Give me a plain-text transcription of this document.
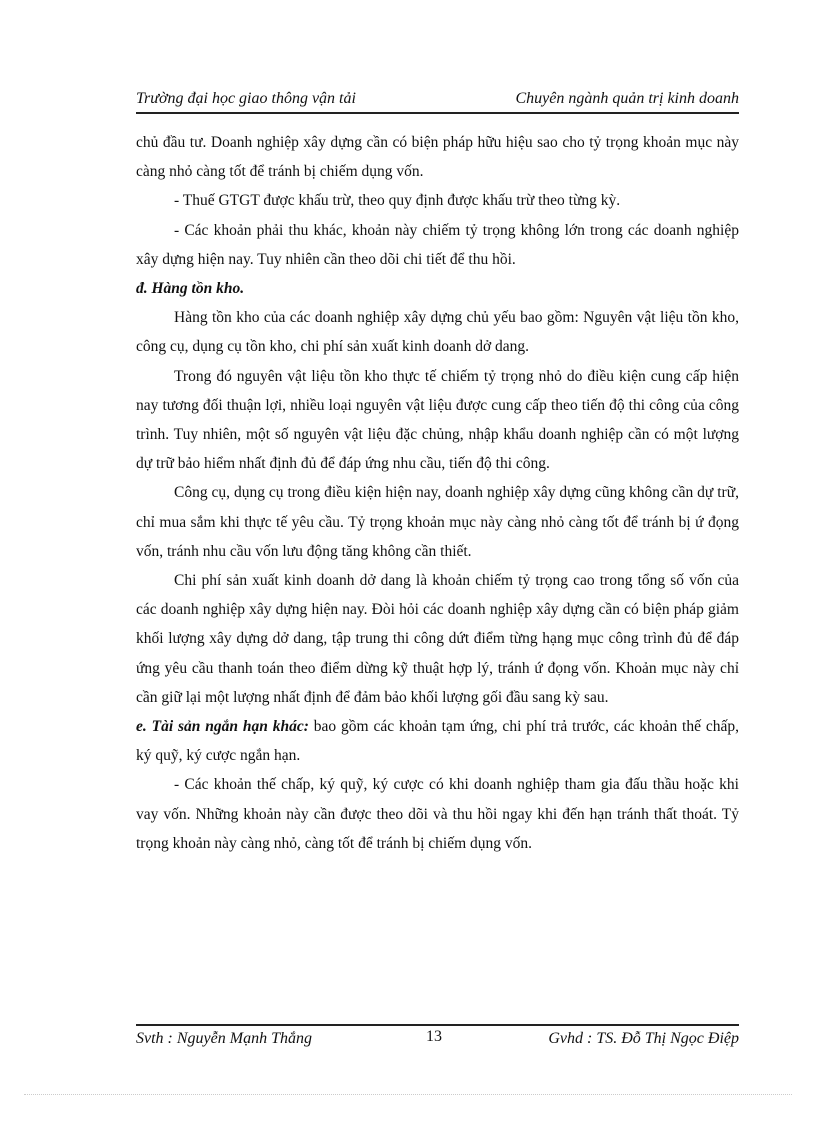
Trường đại học giao thông vận tải	Chuyên ngành quản trị kinh doanh

chủ đầu tư. Doanh nghiệp xây dựng cần có biện pháp hữu hiệu sao cho tỷ trọng khoản mục này càng nhỏ càng tốt để tránh bị chiếm dụng vốn.

- Thuế GTGT được khấu trừ, theo quy định được khấu trừ theo từng kỳ.

- Các khoản phải thu khác, khoản này chiếm tỷ trọng không lớn trong các doanh nghiệp xây dựng hiện nay. Tuy nhiên cần theo dõi chi tiết để thu hồi.

đ. Hàng tồn kho.

Hàng tồn kho của các doanh nghiệp xây dựng chủ yếu bao gồm: Nguyên vật liệu tồn kho, công cụ, dụng cụ tồn kho, chi phí sản xuất kinh doanh dở dang.

Trong đó nguyên vật liệu tồn kho thực tế chiếm tỷ trọng nhỏ do điều kiện cung cấp hiện nay tương đối thuận lợi, nhiều loại nguyên vật liệu được cung cấp theo tiến độ thi công của công trình. Tuy nhiên, một số nguyên vật liệu đặc chủng, nhập khẩu doanh nghiệp cần có một lượng dự trữ bảo hiểm nhất định đủ để đáp ứng nhu cầu, tiến độ thi công.

Công cụ, dụng cụ trong điều kiện hiện nay, doanh nghiệp xây dựng cũng không cần dự trữ, chỉ mua sắm khi thực tế yêu cầu. Tỷ trọng khoản mục này càng nhỏ càng tốt để tránh bị ứ đọng vốn, tránh nhu cầu vốn lưu động tăng không cần thiết.

Chi phí sản xuất kinh doanh dở dang là khoản chiếm tỷ trọng cao trong tổng số vốn của các doanh nghiệp xây dựng hiện nay. Đòi hỏi các doanh nghiệp xây dựng cần có biện pháp giảm khối lượng xây dựng dở dang, tập trung thi công dứt điểm từng hạng mục công trình đủ để đáp ứng yêu cầu thanh toán theo điểm dừng kỹ thuật hợp lý, tránh ứ đọng vốn. Khoản mục này chỉ cần giữ lại một lượng nhất định để đảm bảo khối lượng gối đầu sang kỳ sau.

e. Tài sản ngắn hạn khác: bao gồm các khoản tạm ứng, chi phí trả trước, các khoản thế chấp, ký quỹ, ký cược ngắn hạn.

- Các khoản thế chấp, ký quỹ, ký cược có khi doanh nghiệp tham gia đấu thầu hoặc khi vay vốn. Những khoản này cần được theo dõi và thu hồi ngay khi đến hạn tránh thất thoát. Tỷ trọng khoản này càng nhỏ, càng tốt để tránh bị chiếm dụng vốn.

Svth : Nguyễn Mạnh Thắng	13	Gvhd : TS. Đỗ Thị Ngọc Điệp
